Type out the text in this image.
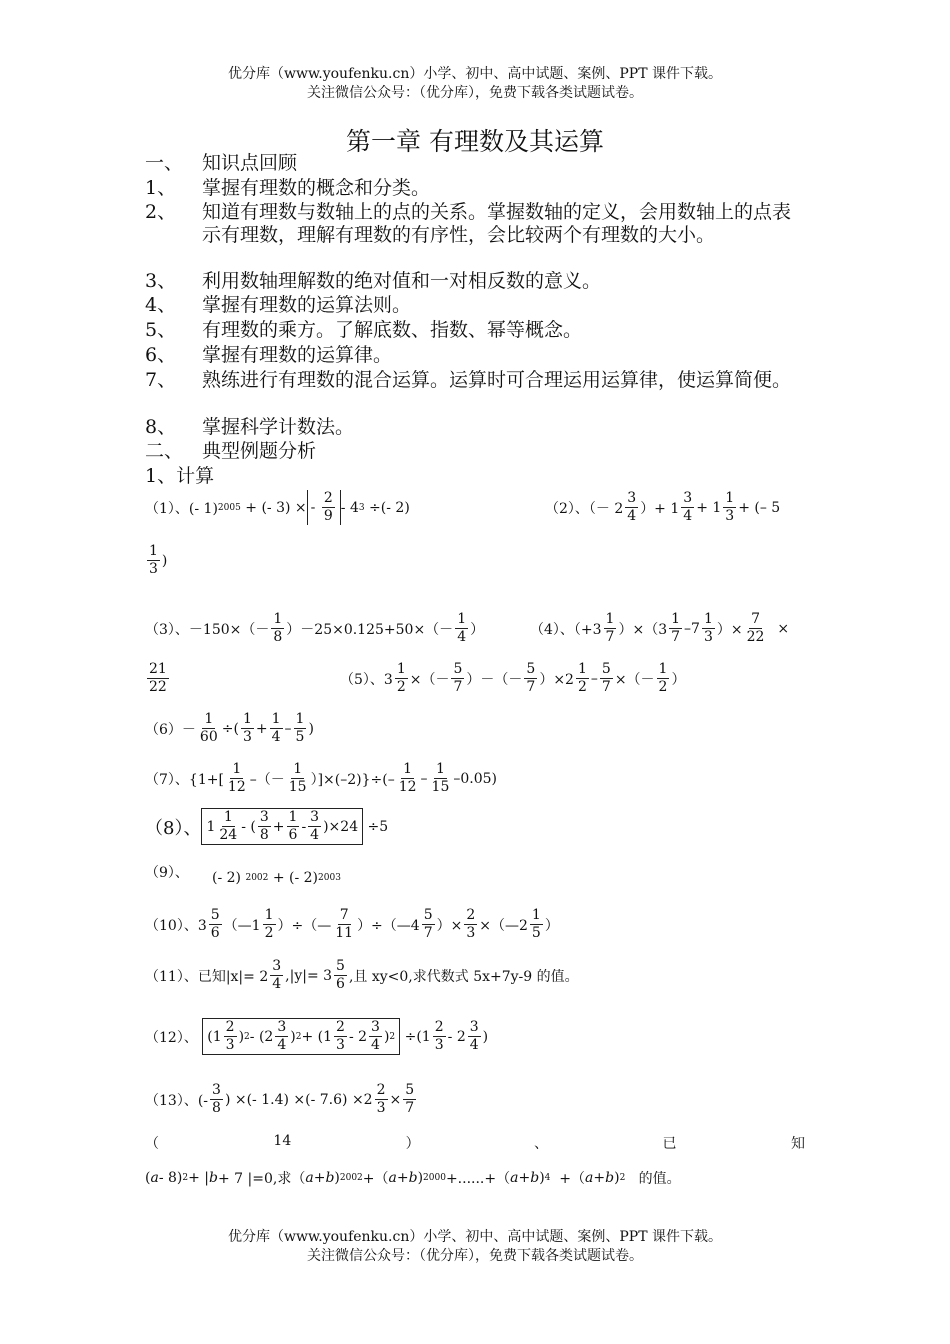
优分库（www.youfenku.cn）小学、初中、高中试题、案例、PPT 课件下载。
关注微信公众号：（优分库），免费下载各类试题试卷。
第一章 有理数及其运算
一、 知识点回顾
1、 掌握有理数的概念和分类。
2、 知道有理数与数轴上的点的关系。掌握数轴的定义，会用数轴上的点表示有理数，理解有理数的有序性，会比较两个有理数的大小。
3、 利用数轴理解数的绝对值和一对相反数的意义。
4、 掌握有理数的运算法则。
5、 有理数的乘方。了解底数、指数、幂等概念。
6、 掌握有理数的运算律。
7、 熟练进行有理数的混合运算。运算时可合理运用运算律，使运算简便。
8、 掌握科学计数法。
二、 典型例题分析
1、计算
（1）、(- 1) 2005 + (- 3) × - $\frac{2}{9} - 4$ 3 ÷(- 2)	（2）、（－ 2
3
4 ）+ 1
3
4
+ 1
1
3
+ (– 5
1
3
)
（3）、－150×（－
1
8 ）－25×0.125+50×（－
1
4 ）	（4）、（+3
1
7 ）×（3
1
7
–7
1
3 ）×
7
22
×
21
22	（5）、3
1
2 ×（－
5
7 ）－（－
5
7 ）×2
1
2
–
5
7 ×（－
1
2 ）
（6）－
1
60
÷(
1
3
+
1
4
–
1
5
)
（7）、{1+[
1
12 –（－
1
15 ）]×(–2)}÷(–
1
12
–
1
15
–0.05)
（8）、 1
1
24
- (
3
8
+
1
6
-
3
4
)×24 ÷5
（9）、 (- 2) 2002 + (- 2) 2003
（10）、3
5
6 （—1
1
2 ）÷（—
7
11 ）÷（—4
5
7 ）×
2
3 ×（—2
1
5 ）
（11）、已知|x|= 2
3
4
,|y|= 3
5
6 ,且 xy<0,求代数式 5x+7y-9 的值。
（12）、 (1
2
3
) 2 - (2
3
4
) 2 + (1
2
3
- 2
3
4
) 2 ÷(1
2
3
- 2
3
4
)
（13）、(-
3
8
) ×(- 1.4) ×(- 7.6) ×2
2
3
×
5
7
（	14	）	、	已	知
( a - 8) 2 + | b + 7 |=0,求（ a + b ) 2002 +（ a + b ) 2000 +......+（ a + b ) 4 +（ a + b ) 2
的值。
优分库（www.youfenku.cn）小学、初中、高中试题、案例、PPT 课件下载。
关注微信公众号：（优分库），免费下载各类试题试卷。
